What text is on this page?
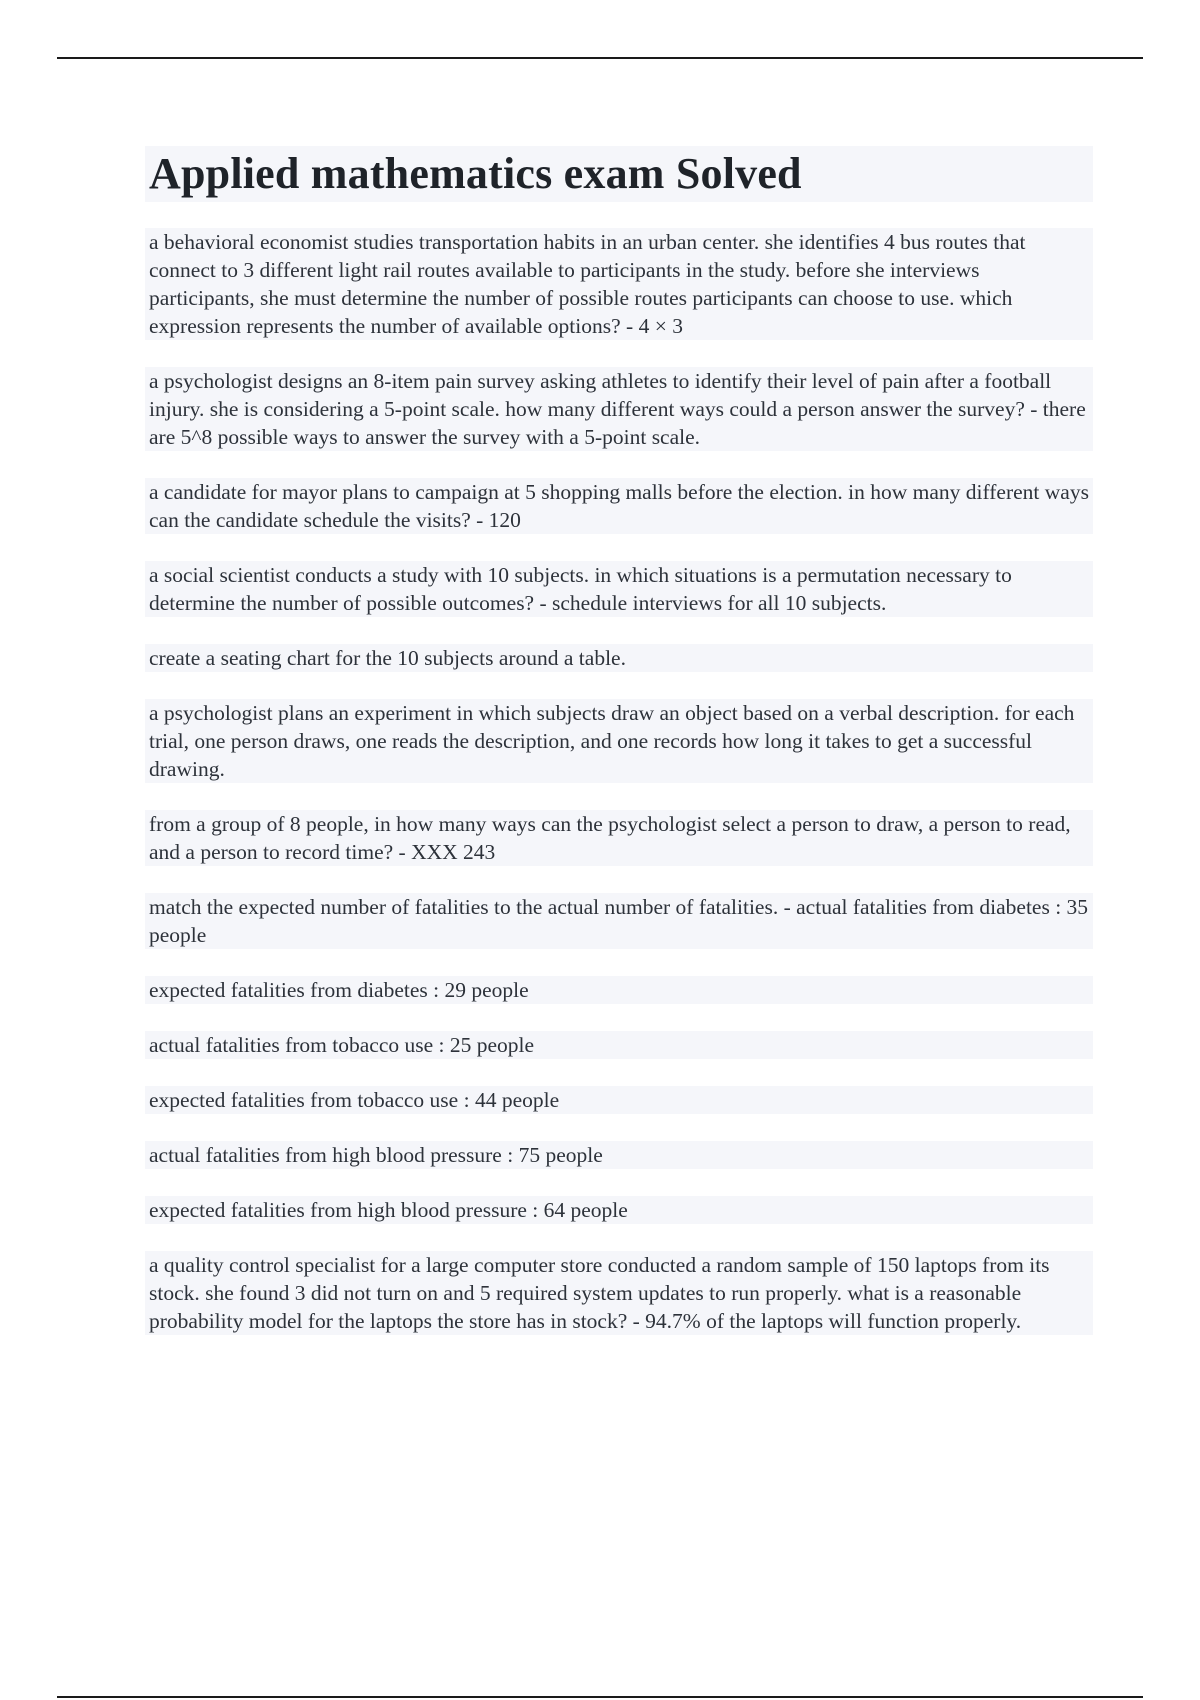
Applied mathematics exam Solved

a behavioral economist studies transportation habits in an urban center. she identifies 4 bus routes that connect to 3 different light rail routes available to participants in the study. before she interviews participants, she must determine the number of possible routes participants can choose to use. which expression represents the number of available options? - 4 × 3

a psychologist designs an 8-item pain survey asking athletes to identify their level of pain after a football injury. she is considering a 5-point scale. how many different ways could a person answer the survey? - there are 5^8 possible ways to answer the survey with a 5-point scale.

a candidate for mayor plans to campaign at 5 shopping malls before the election. in how many different ways can the candidate schedule the visits? - 120

a social scientist conducts a study with 10 subjects. in which situations is a permutation necessary to determine the number of possible outcomes? - schedule interviews for all 10 subjects.

create a seating chart for the 10 subjects around a table.

a psychologist plans an experiment in which subjects draw an object based on a verbal description. for each trial, one person draws, one reads the description, and one records how long it takes to get a successful drawing.

from a group of 8 people, in how many ways can the psychologist select a person to draw, a person to read, and a person to record time? - XXX 243

match the expected number of fatalities to the actual number of fatalities. - actual fatalities from diabetes : 35 people

expected fatalities from diabetes : 29 people

actual fatalities from tobacco use : 25 people

expected fatalities from tobacco use : 44 people

actual fatalities from high blood pressure : 75 people

expected fatalities from high blood pressure : 64 people

a quality control specialist for a large computer store conducted a random sample of 150 laptops from its stock. she found 3 did not turn on and 5 required system updates to run properly. what is a reasonable probability model for the laptops the store has in stock? - 94.7% of the laptops will function properly.
